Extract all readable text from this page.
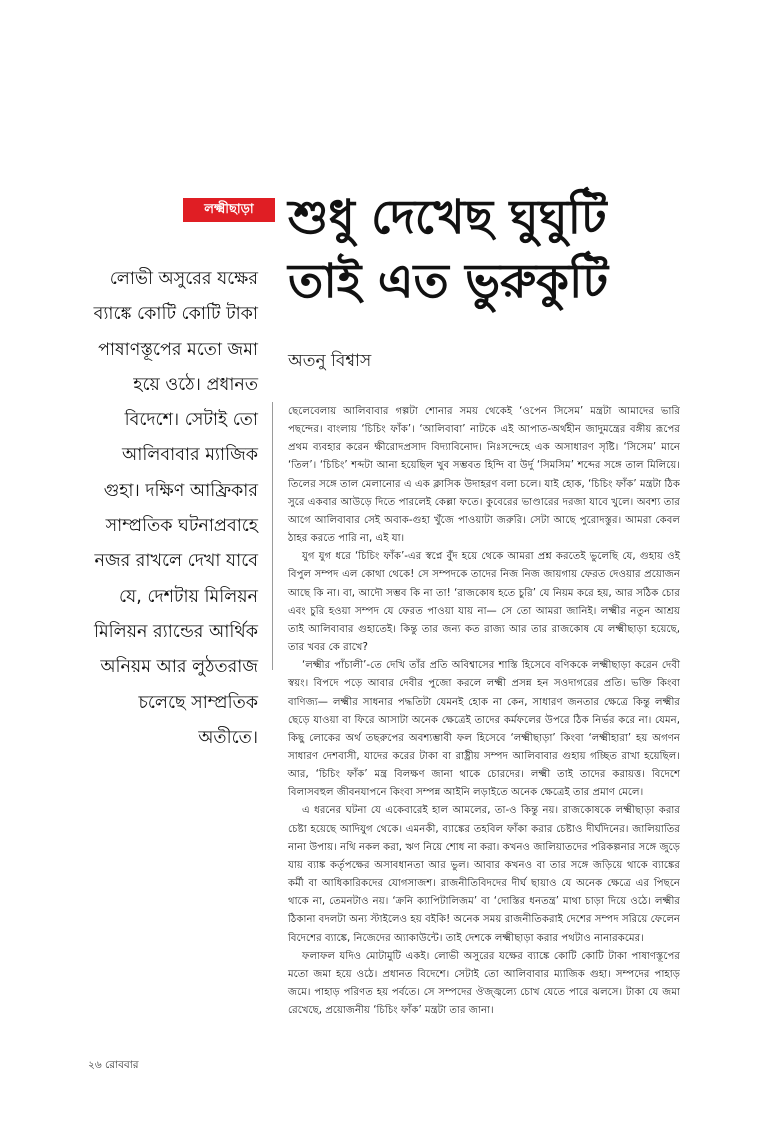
লক্ষ্মীছাড়া শুধু দেখেছ ঘুঘুটি
তাই এত ভুরুকুটি
অতনু বিশ্বাস
লোভী অসুরের যক্ষের ব্যাঙ্কে কোটি কোটি টাকা পাষাণস্তূপের মতো জমা হয়ে ওঠে। প্রধানত বিদেশে। সেটাই তো আলিবাবার ম্যাজিক গুহা। দক্ষিণ আফ্রিকার সাম্প্রতিক ঘটনাপ্রবাহে নজর রাখলে দেখা যাবে যে, দেশটায় মিলিয়ন মিলিয়ন র‍্যান্ডের আর্থিক অনিয়ম আর লুঠতরাজ চলেছে সাম্প্রতিক অতীতে।

ছেলেবেলায় আলিবাবার গল্পটা শোনার সময় থেকেই ‘ওপেন সিসেম’ মন্ত্রটা আমাদের ভারি পছন্দের। বাংলায় ‘চিচিং ফাঁক’। ‘আলিবাবা’ নাটকে এই আপাত-অর্থহীন জাদুমন্ত্রের বঙ্গীয় রূপের প্রথম ব্যবহার করেন ক্ষীরোদপ্রসাদ বিদ্যাবিনোদ। নিঃসন্দেহে এক অসাধারণ সৃষ্টি। ‘সিসেম’ মানে ‘তিল’। ‘চিচিং’ শব্দটা আনা হয়েছিল খুব সম্ভবত হিন্দি বা উর্দু ‘সিমসিম’ শব্দের সঙ্গে তাল মিলিয়ে। তিলের সঙ্গে তাল মেলানোর এ এক ক্লাসিক উদাহরণ বলা চলে। যাই হোক, ‘চিচিং ফাঁক’ মন্ত্রটা ঠিক সুরে একবার আউড়ে দিতে পারলেই কেল্লা ফতে। কুবেরের ভাণ্ডারের দরজা যাবে খুলে। অবশ্য তার আগে আলিবাবার সেই অবাক-গুহা খুঁজে পাওয়াটা জরুরি। সেটা আছে পুরোদস্তুর। আমরা কেবল ঠাহর করতে পারি না, এই যা।

যুগ যুগ ধরে ‘চিচিং ফাঁক’-এর স্বপ্নে বুঁদ হয়ে থেকে আমরা প্রশ্ন করতেই ভুলেছি যে, গুহায় ওই বিপুল সম্পদ এল কোথা থেকে! সে সম্পদকে তাদের নিজ নিজ জায়গায় ফেরত দেওয়ার প্রয়োজন আছে কি না। বা, আদৌ সম্ভব কি না তা! ‘রাজকোষ হতে চুরি’ যে নিয়ম করে হয়, আর সঠিক চোর এবং চুরি হওয়া সম্পদ যে ফেরত পাওয়া যায় না— সে তো আমরা জানিই। লক্ষ্মীর নতুন আশ্রয় তাই আলিবাবার গুহাতেই। কিন্তু তার জন্য কত রাজ্য আর তার রাজকোষ যে লক্ষ্মীছাড়া হয়েছে, তার খবর কে রাখে?

‘লক্ষ্মীর পাঁচালী’-তে দেখি তাঁর প্রতি অবিশ্বাসের শাস্তি হিসেবে বণিককে লক্ষ্মীছাড়া করেন দেবী স্বয়ং। বিপদে পড়ে আবার দেবীর পুজো করলে লক্ষ্মী প্রসন্ন হন সওদাগরের প্রতি। ভক্তি কিংবা বাণিজ্য— লক্ষ্মীর সাধনার পদ্ধতিটা যেমনই হোক না কেন, সাধারণ জনতার ক্ষেত্রে কিন্তু লক্ষ্মীর ছেড়ে যাওয়া বা ফিরে আসাটা অনেক ক্ষেত্রেই তাদের কর্মফলের উপরে ঠিক নির্ভর করে না। যেমন, কিছু লোকের অর্থ তছরুপের অবশ্যম্ভাবী ফল হিসেবে ‘লক্ষ্মীছাড়া’ কিংবা ‘লক্ষ্মীহারা’ হয় অগণন সাধারণ দেশবাসী, যাদের করের টাকা বা রাষ্ট্রীয় সম্পদ আলিবাবার গুহায় গচ্ছিত রাখা হয়েছিল। আর, ‘চিচিং ফাঁক’ মন্ত্র বিলক্ষণ জানা থাকে চোরদের। লক্ষ্মী তাই তাদের করায়ত্ত। বিদেশে বিলাসবহুল জীবনযাপনে কিংবা সম্পন্ন আইনি লড়াইতে অনেক ক্ষেত্রেই তার প্রমাণ মেলে।

এ ধরনের ঘটনা যে একেবারেই হাল আমলের, তা-ও কিন্তু নয়। রাজকোষকে লক্ষ্মীছাড়া করার চেষ্টা হয়েছে আদিযুগ থেকে। এমনকী, ব্যাঙ্কের তহবিল ফাঁকা করার চেষ্টাও দীর্ঘদিনের। জালিয়াতির নানা উপায়। নথি নকল করা, ঋণ নিয়ে শোধ না করা। কখনও জালিয়াতদের পরিকল্পনার সঙ্গে জুড়ে যায় ব্যাঙ্ক কর্তৃপক্ষের অসাবধানতা আর ভুল। আবার কখনও বা তার সঙ্গে জড়িয়ে থাকে ব্যাঙ্কের কর্মী বা আধিকারিকদের যোগসাজশ। রাজনীতিবিদদের দীর্ঘ ছায়াও যে অনেক ক্ষেত্রে এর পিছনে থাকে না, তেমনটাও নয়। ‘ক্রনি ক্যাপিটালিজম’ বা ‘দোস্তির ধনতন্ত্র’ মাথা চাড়া দিয়ে ওঠে। লক্ষ্মীর ঠিকানা বদলটা অন্য স্টাইলেও হয় বইকি! অনেক সময় রাজনীতিকরাই দেশের সম্পদ সরিয়ে ফেলেন বিদেশের ব্যাঙ্কে, নিজেদের অ্যাকাউন্টে। তাই দেশকে লক্ষ্মীছাড়া করার পথটাও নানারকমের।

ফলাফল যদিও মোটামুটি একই। লোভী অসুরের যক্ষের ব্যাঙ্কে কোটি কোটি টাকা পাষাণস্তূপের মতো জমা হয়ে ওঠে। প্রধানত বিদেশে। সেটাই তো আলিবাবার ম্যাজিক গুহা। সম্পদের পাহাড় জমে। পাহাড় পরিণত হয় পর্বতে। সে সম্পদের ঔজ্জ্বল্যে চোখ যেতে পারে ঝলসে। টাকা যে জমা রেখেছে, প্রয়োজনীয় ‘চিচিং ফাঁক’ মন্ত্রটা তার জানা।

২৬ রোববার
